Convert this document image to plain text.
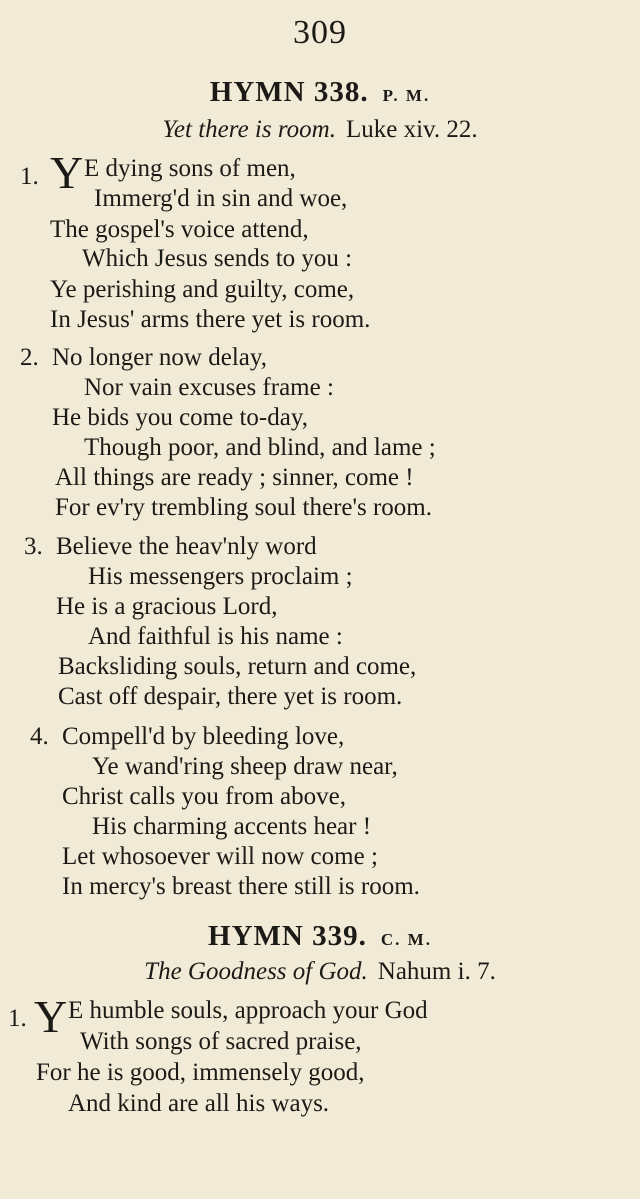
309
HYMN 338. P. M.
Yet there is room. Luke xiv. 22.
1. Y E dying sons of men,
Immerg'd in sin and woe,
The gospel's voice attend,
Which Jesus sends to you :
Ye perishing and guilty, come,
In Jesus' arms there yet is room.
2. No longer now delay,
Nor vain excuses frame :
He bids you come to-day,
Though poor, and blind, and lame ;
All things are ready ; sinner, come !
For ev'ry trembling soul there's room.
3. Believe the heav'nly word
His messengers proclaim ;
He is a gracious Lord,
And faithful is his name :
Backsliding souls, return and come,
Cast off despair, there yet is room.
4. Compell'd by bleeding love,
Ye wand'ring sheep draw near,
Christ calls you from above,
His charming accents hear !
Let whosoever will now come ;
In mercy's breast there still is room.
HYMN 339. C. M.
The Goodness of God. Nahum i. 7.
1. Y E humble souls, approach your God
With songs of sacred praise,
For he is good, immensely good,
And kind are all his ways.
